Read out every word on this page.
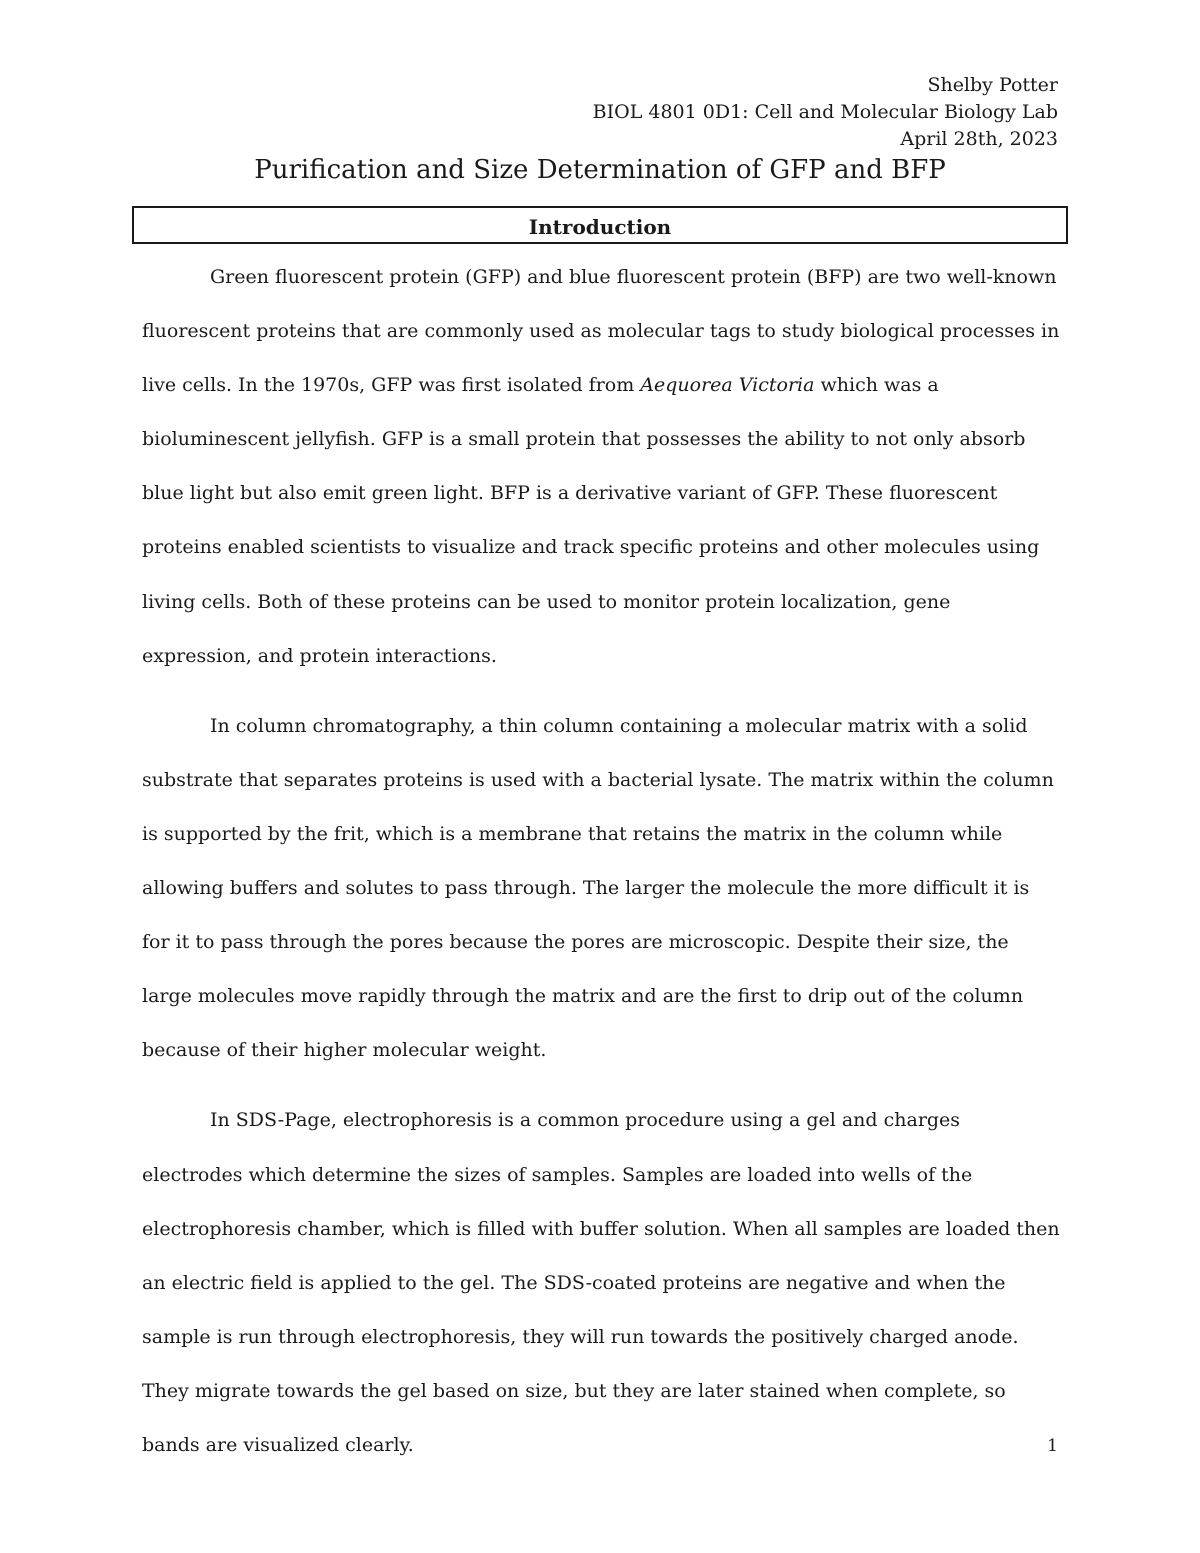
Shelby Potter
BIOL 4801 0D1: Cell and Molecular Biology Lab
April 28th, 2023
Purification and Size Determination of GFP and BFP
Introduction

Green fluorescent protein (GFP) and blue fluorescent protein (BFP) are two well-known fluorescent proteins that are commonly used as molecular tags to study biological processes in live cells. In the 1970s, GFP was first isolated from Aequorea Victoria which was a bioluminescent jellyfish. GFP is a small protein that possesses the ability to not only absorb blue light but also emit green light. BFP is a derivative variant of GFP. These fluorescent proteins enabled scientists to visualize and track specific proteins and other molecules using living cells. Both of these proteins can be used to monitor protein localization, gene expression, and protein interactions.

In column chromatography, a thin column containing a molecular matrix with a solid substrate that separates proteins is used with a bacterial lysate. The matrix within the column is supported by the frit, which is a membrane that retains the matrix in the column while allowing buffers and solutes to pass through. The larger the molecule the more difficult it is for it to pass through the pores because the pores are microscopic. Despite their size, the large molecules move rapidly through the matrix and are the first to drip out of the column because of their higher molecular weight.

In SDS-Page, electrophoresis is a common procedure using a gel and charges electrodes which determine the sizes of samples. Samples are loaded into wells of the electrophoresis chamber, which is filled with buffer solution. When all samples are loaded then an electric field is applied to the gel. The SDS-coated proteins are negative and when the sample is run through electrophoresis, they will run towards the positively charged anode. They migrate towards the gel based on size, but they are later stained when complete, so bands are visualized clearly.	1
